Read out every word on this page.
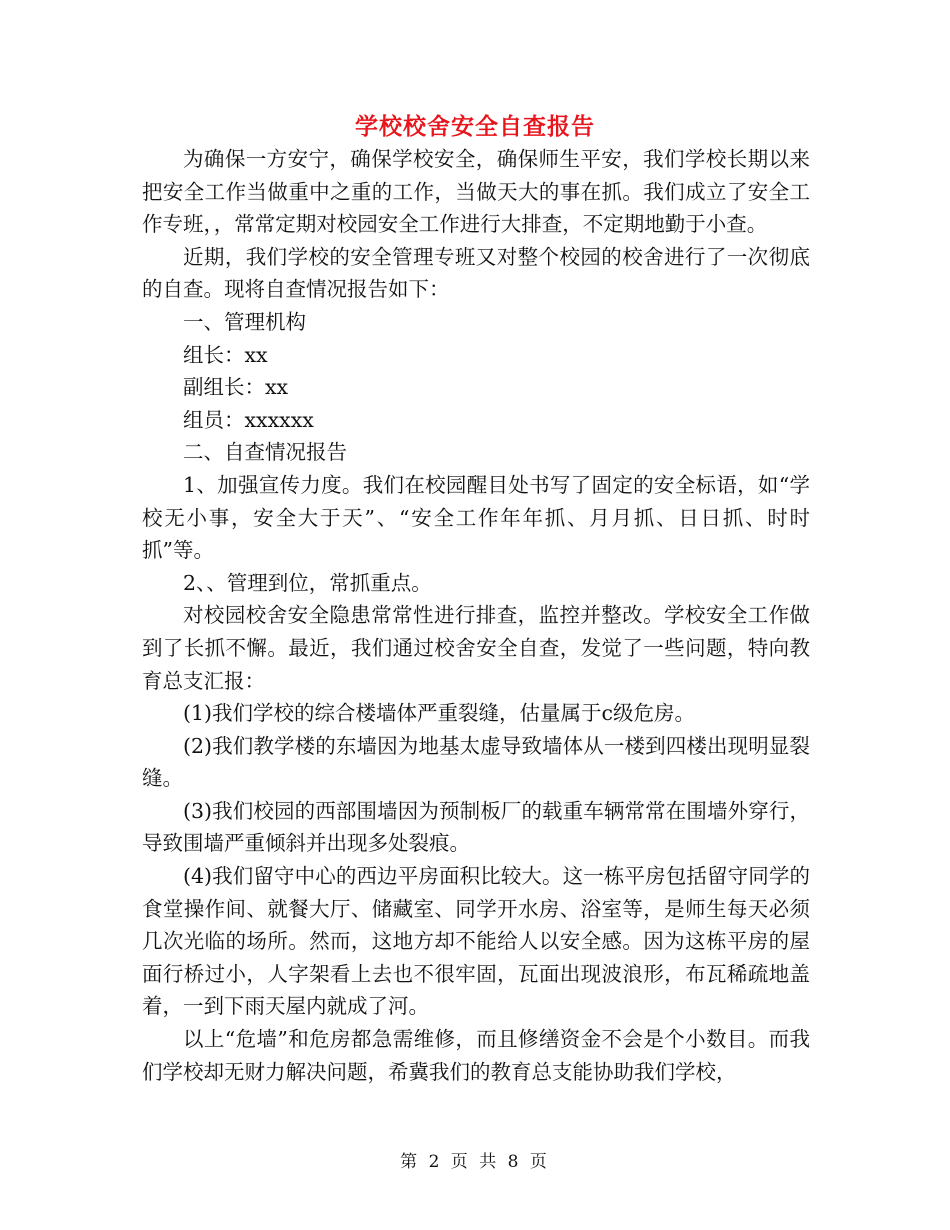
学校校舍安全自查报告

为确保一方安宁，确保学校安全，确保师生平安，我们学校长期以来把安全工作当做重中之重的工作，当做天大的事在抓。我们成立了安全工作专班，，常常定期对校园安全工作进行大排查，不定期地勤于小查。

近期，我们学校的安全管理专班又对整个校园的校舍进行了一次彻底的自查。现将自查情况报告如下：

一、管理机构

组长：xx

副组长：xx

组员：xxxxxx

二、自查情况报告

1、加强宣传力度。我们在校园醒目处书写了固定的安全标语，如“学校无小事，安全大于天”、“安全工作年年抓、月月抓、日日抓、时时抓”等。

2、、管理到位，常抓重点。

对校园校舍安全隐患常常性进行排查，监控并整改。学校安全工作做到了长抓不懈。最近，我们通过校舍安全自查，发觉了一些问题，特向教育总支汇报：

(1)我们学校的综合楼墙体严重裂缝，估量属于c级危房。

(2)我们教学楼的东墙因为地基太虚导致墙体从一楼到四楼出现明显裂缝。

(3)我们校园的西部围墙因为预制板厂的载重车辆常常在围墙外穿行，导致围墙严重倾斜并出现多处裂痕。

(4)我们留守中心的西边平房面积比较大。这一栋平房包括留守同学的食堂操作间、就餐大厅、储藏室、同学开水房、浴室等，是师生每天必须几次光临的场所。然而，这地方却不能给人以安全感。因为这栋平房的屋面行桥过小，人字架看上去也不很牢固，瓦面出现波浪形，布瓦稀疏地盖着，一到下雨天屋内就成了河。

以上“危墙”和危房都急需维修，而且修缮资金不会是个小数目。而我们学校却无财力解决问题，希冀我们的教育总支能协助我们学校，

第 2 页 共 8 页
